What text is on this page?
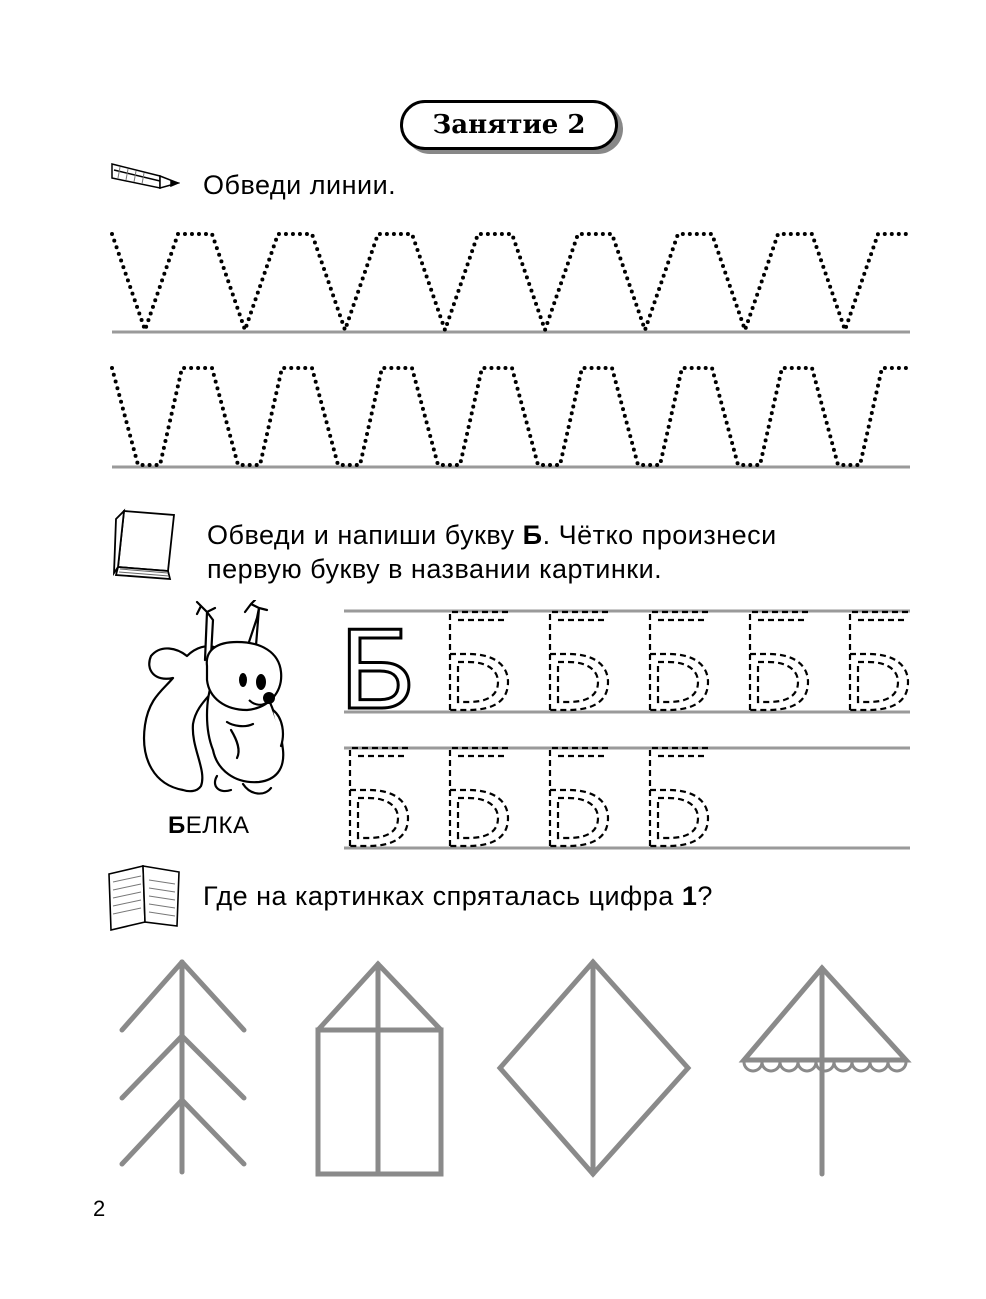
Занятие 2
Обведи линии.
Обведи и напиши букву Б. Чётко произнеси
первую букву в названии картинки.
БЕЛКА
Б
Где на картинках спряталась цифра 1?
2
